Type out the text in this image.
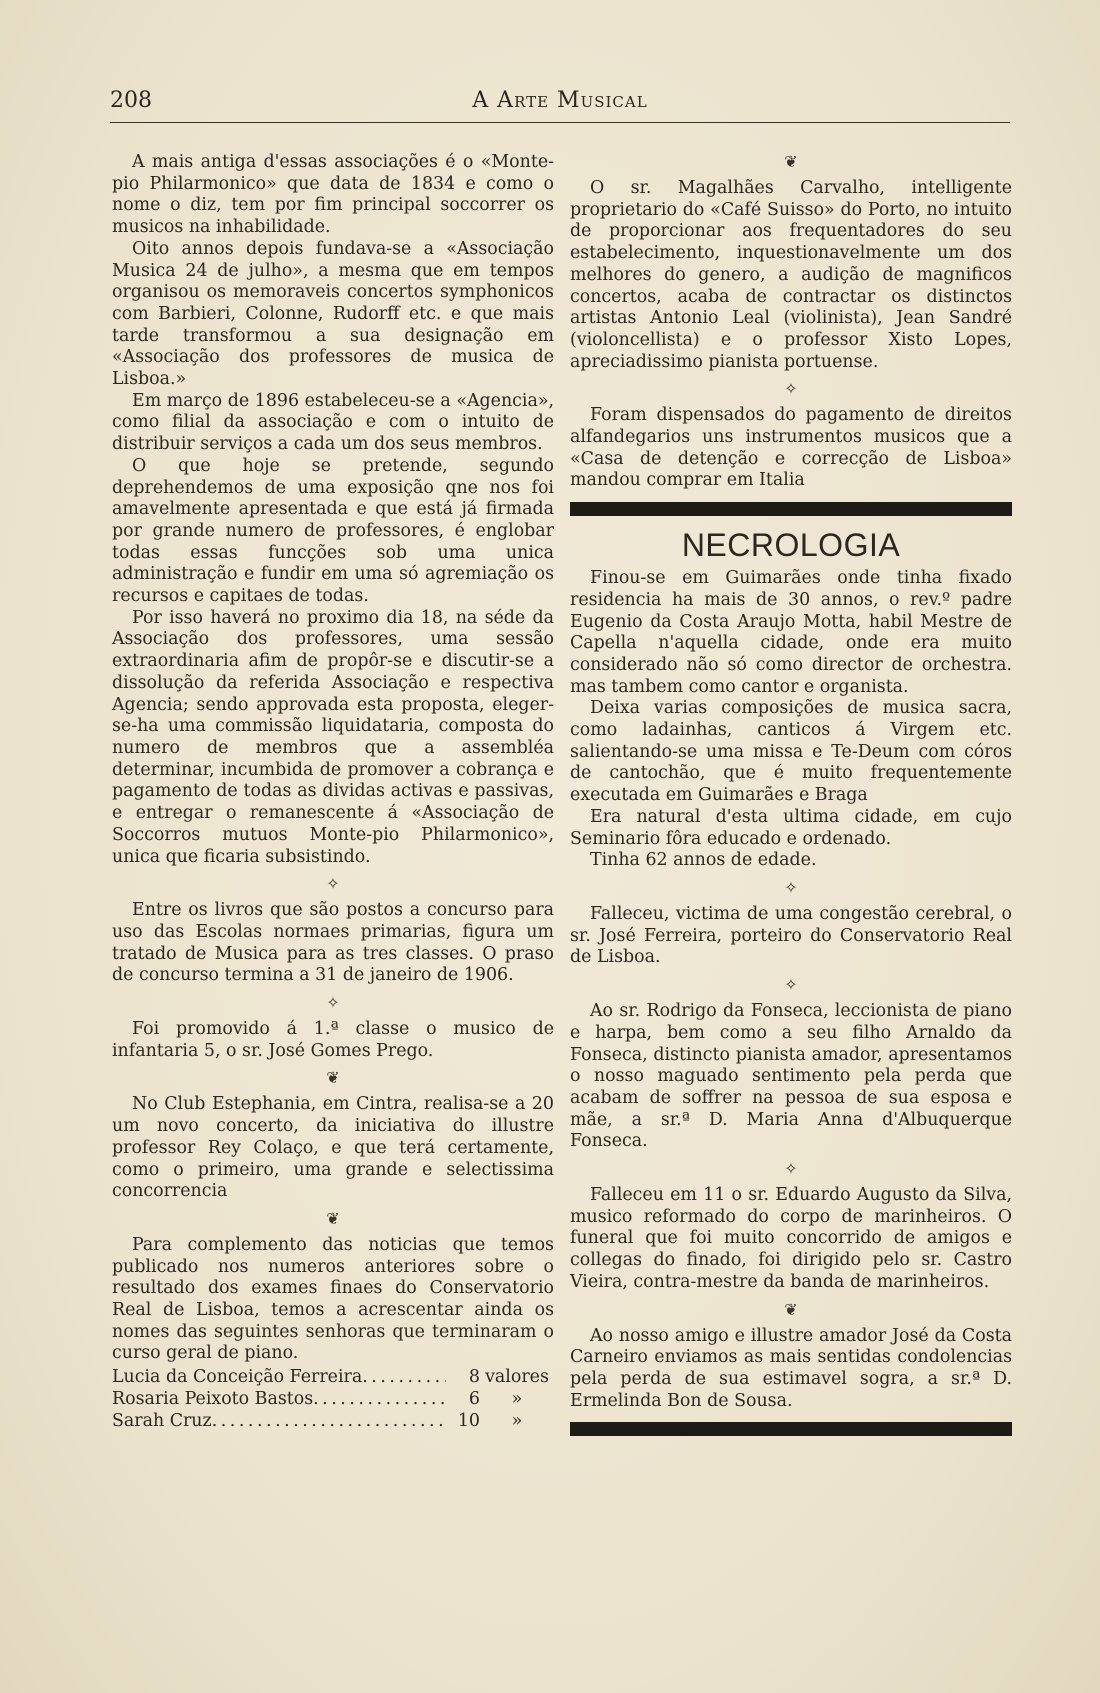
208	A Arte Musical

A mais antiga d'essas associações é o «Monte-pio Philarmonico» que data de 1834 e como o nome o diz, tem por fim principal soccorrer os musicos na inhabilidade.

Oito annos depois fundava-se a «Associação Musica 24 de julho», a mesma que em tempos organisou os memoraveis concertos symphonicos com Barbieri, Colonne, Rudorff etc. e que mais tarde transformou a sua designação em «Associação dos professores de musica de Lisboa.»

Em março de 1896 estabeleceu-se a «Agencia», como filial da associação e com o intuito de distribuir serviços a cada um dos seus membros.

O que hoje se pretende, segundo deprehendemos de uma exposição qne nos foi amavelmente apresentada e que está já firmada por grande numero de professores, é englobar todas essas funcções sob uma unica administração e fundir em uma só agremiação os recursos e capitaes de todas.

Por isso haverá no proximo dia 18, na séde da Associação dos professores, uma sessão extraordinaria afim de propôr-se e discutir-se a dissolução da referida Associação e respectiva Agencia; sendo approvada esta proposta, eleger-se-ha uma commissão liquidataria, composta do numero de membros que a assembléa determinar, incumbida de promover a cobrança e pagamento de todas as dividas activas e passivas, e entregar o remanescente á «Associação de Soccorros mutuos Monte-pio Philarmonico», unica que ficaria subsistindo.

✧

Entre os livros que são postos a concurso para uso das Escolas normaes primarias, figura um tratado de Musica para as tres classes. O praso de concurso termina a 31 de janeiro de 1906.

✧

Foi promovido á 1.ª classe o musico de infantaria 5, o sr. José Gomes Prego.

❦

No Club Estephania, em Cintra, realisa-se a 20 um novo concerto, da iniciativa do illustre professor Rey Colaço, e que terá certamente, como o primeiro, uma grande e selectissima concorrencia

❦

Para complemento das noticias que temos publicado nos numeros anteriores sobre o resultado dos exames finaes do Conservatorio Real de Lisboa, temos a acrescentar ainda os nomes das seguintes senhoras que terminaram o curso geral de piano.

Lucia da Conceição Ferreira . . .	8 valores
Rosaria Peixoto Bastos . . .	6	»
Sarah Cruz . . .	10	»
❦

O sr. Magalhães Carvalho, intelligente proprietario do «Café Suisso» do Porto, no intuito de proporcionar aos frequentadores do seu estabelecimento, inquestionavelmente um dos melhores do genero, a audição de magnificos concertos, acaba de contractar os distinctos artistas Antonio Leal (violinista), Jean Sandré (violoncellista) e o professor Xisto Lopes, apreciadissimo pianista portuense.

✧

Foram dispensados do pagamento de direitos alfandegarios uns instrumentos musicos que a «Casa de detenção e correcção de Lisboa» mandou comprar em Italia

NECROLOGIA

Finou-se em Guimarães onde tinha fixado residencia ha mais de 30 annos, o rev.º padre Eugenio da Costa Araujo Motta, habil Mestre de Capella n'aquella cidade, onde era muito considerado não só como director de orchestra. mas tambem como cantor e organista.

Deixa varias composições de musica sacra, como ladainhas, canticos á Virgem etc. salientando-se uma missa e Te-Deum com córos de cantochão, que é muito frequentemente executada em Guimarães e Braga

Era natural d'esta ultima cidade, em cujo Seminario fôra educado e ordenado.

Tinha 62 annos de edade.

✧

Falleceu, victima de uma congestão cerebral, o sr. José Ferreira, porteiro do Conservatorio Real de Lisboa.

✧

Ao sr. Rodrigo da Fonseca, leccionista de piano e harpa, bem como a seu filho Arnaldo da Fonseca, distincto pianista amador, apresentamos o nosso maguado sentimento pela perda que acabam de soffrer na pessoa de sua esposa e mãe, a sr.ª D. Maria Anna d'Albuquerque Fonseca.

✧

Falleceu em 11 o sr. Eduardo Augusto da Silva, musico reformado do corpo de marinheiros. O funeral que foi muito concorrido de amigos e collegas do finado, foi dirigido pelo sr. Castro Vieira, contra-mestre da banda de marinheiros.

❦

Ao nosso amigo e illustre amador José da Costa Carneiro enviamos as mais sentidas condolencias pela perda de sua estimavel sogra, a sr.ª D. Ermelinda Bon de Sousa.
